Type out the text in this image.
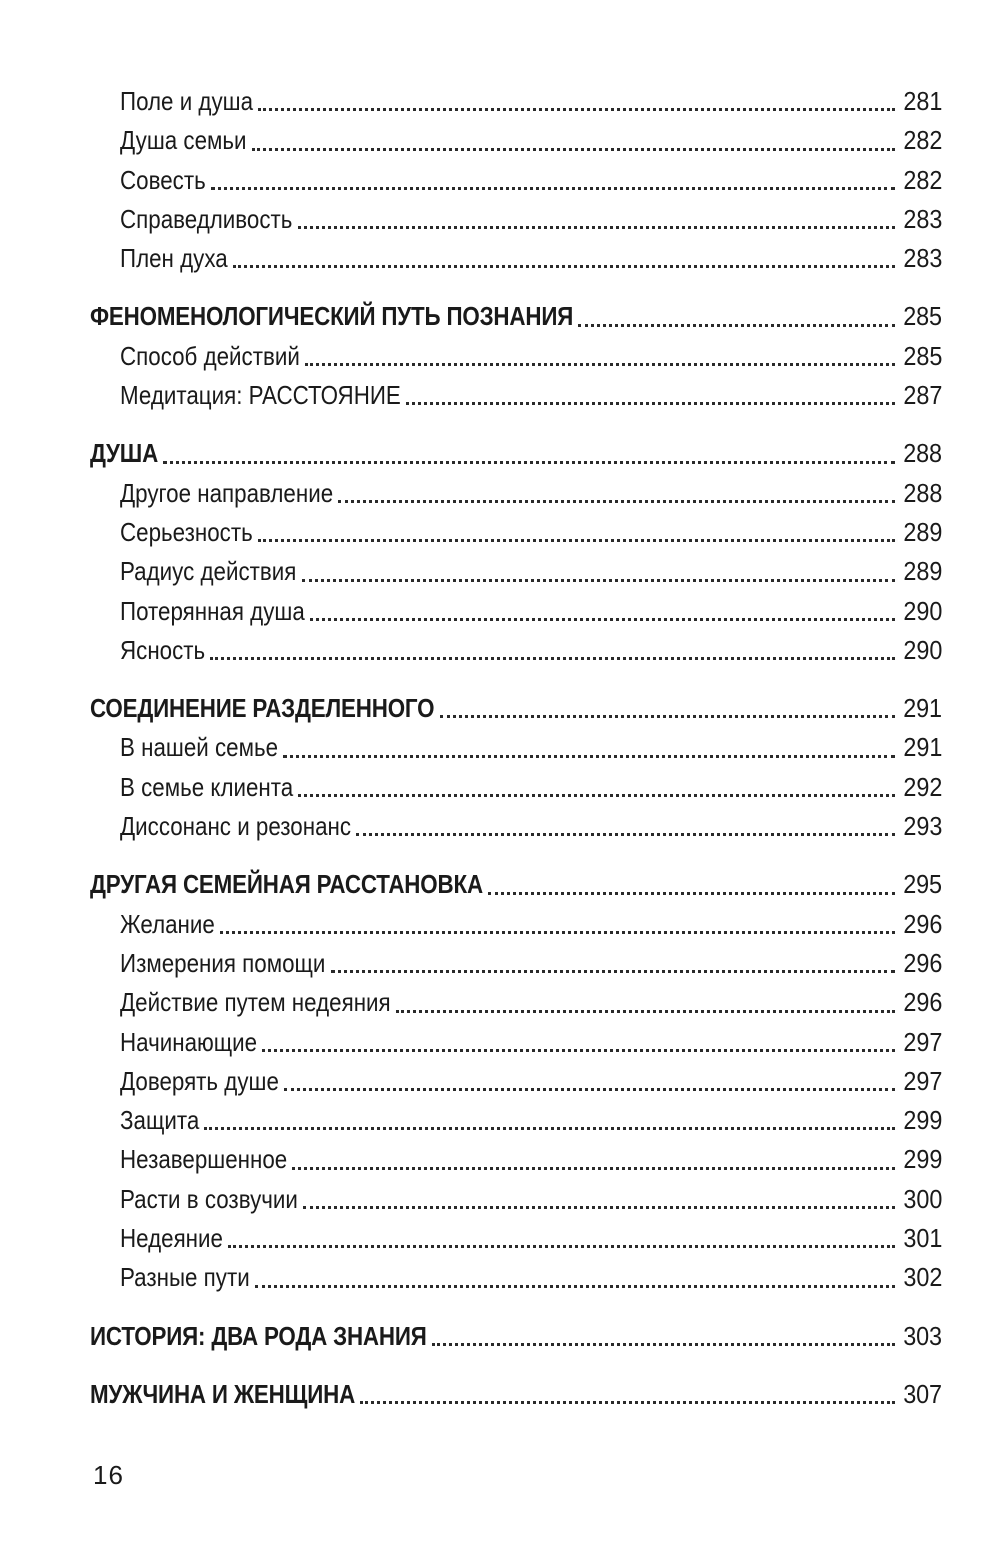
Поле и душа	281
Душа семьи	282
Совесть	282
Справедливость	283
Плен духа	283
ФЕНОМЕНОЛОГИЧЕСКИЙ ПУТЬ ПОЗНАНИЯ	285
Способ действий	285
Медитация: РАССТОЯНИЕ	287
ДУША	288
Другое направление	288
Серьезность	289
Радиус действия	289
Потерянная душа	290
Ясность	290
СОЕДИНЕНИЕ РАЗДЕЛЕННОГО	291
В нашей семье	291
В семье клиента	292
Диссонанс и резонанс	293
ДРУГАЯ СЕМЕЙНАЯ РАССТАНОВКА	295
Желание	296
Измерения помощи	296
Действие путем недеяния	296
Начинающие	297
Доверять душе	297
Защита	299
Незавершенное	299
Расти в созвучии	300
Недеяние	301
Разные пути	302
ИСТОРИЯ: ДВА РОДА ЗНАНИЯ	303
МУЖЧИНА И ЖЕНЩИНА	307
16
